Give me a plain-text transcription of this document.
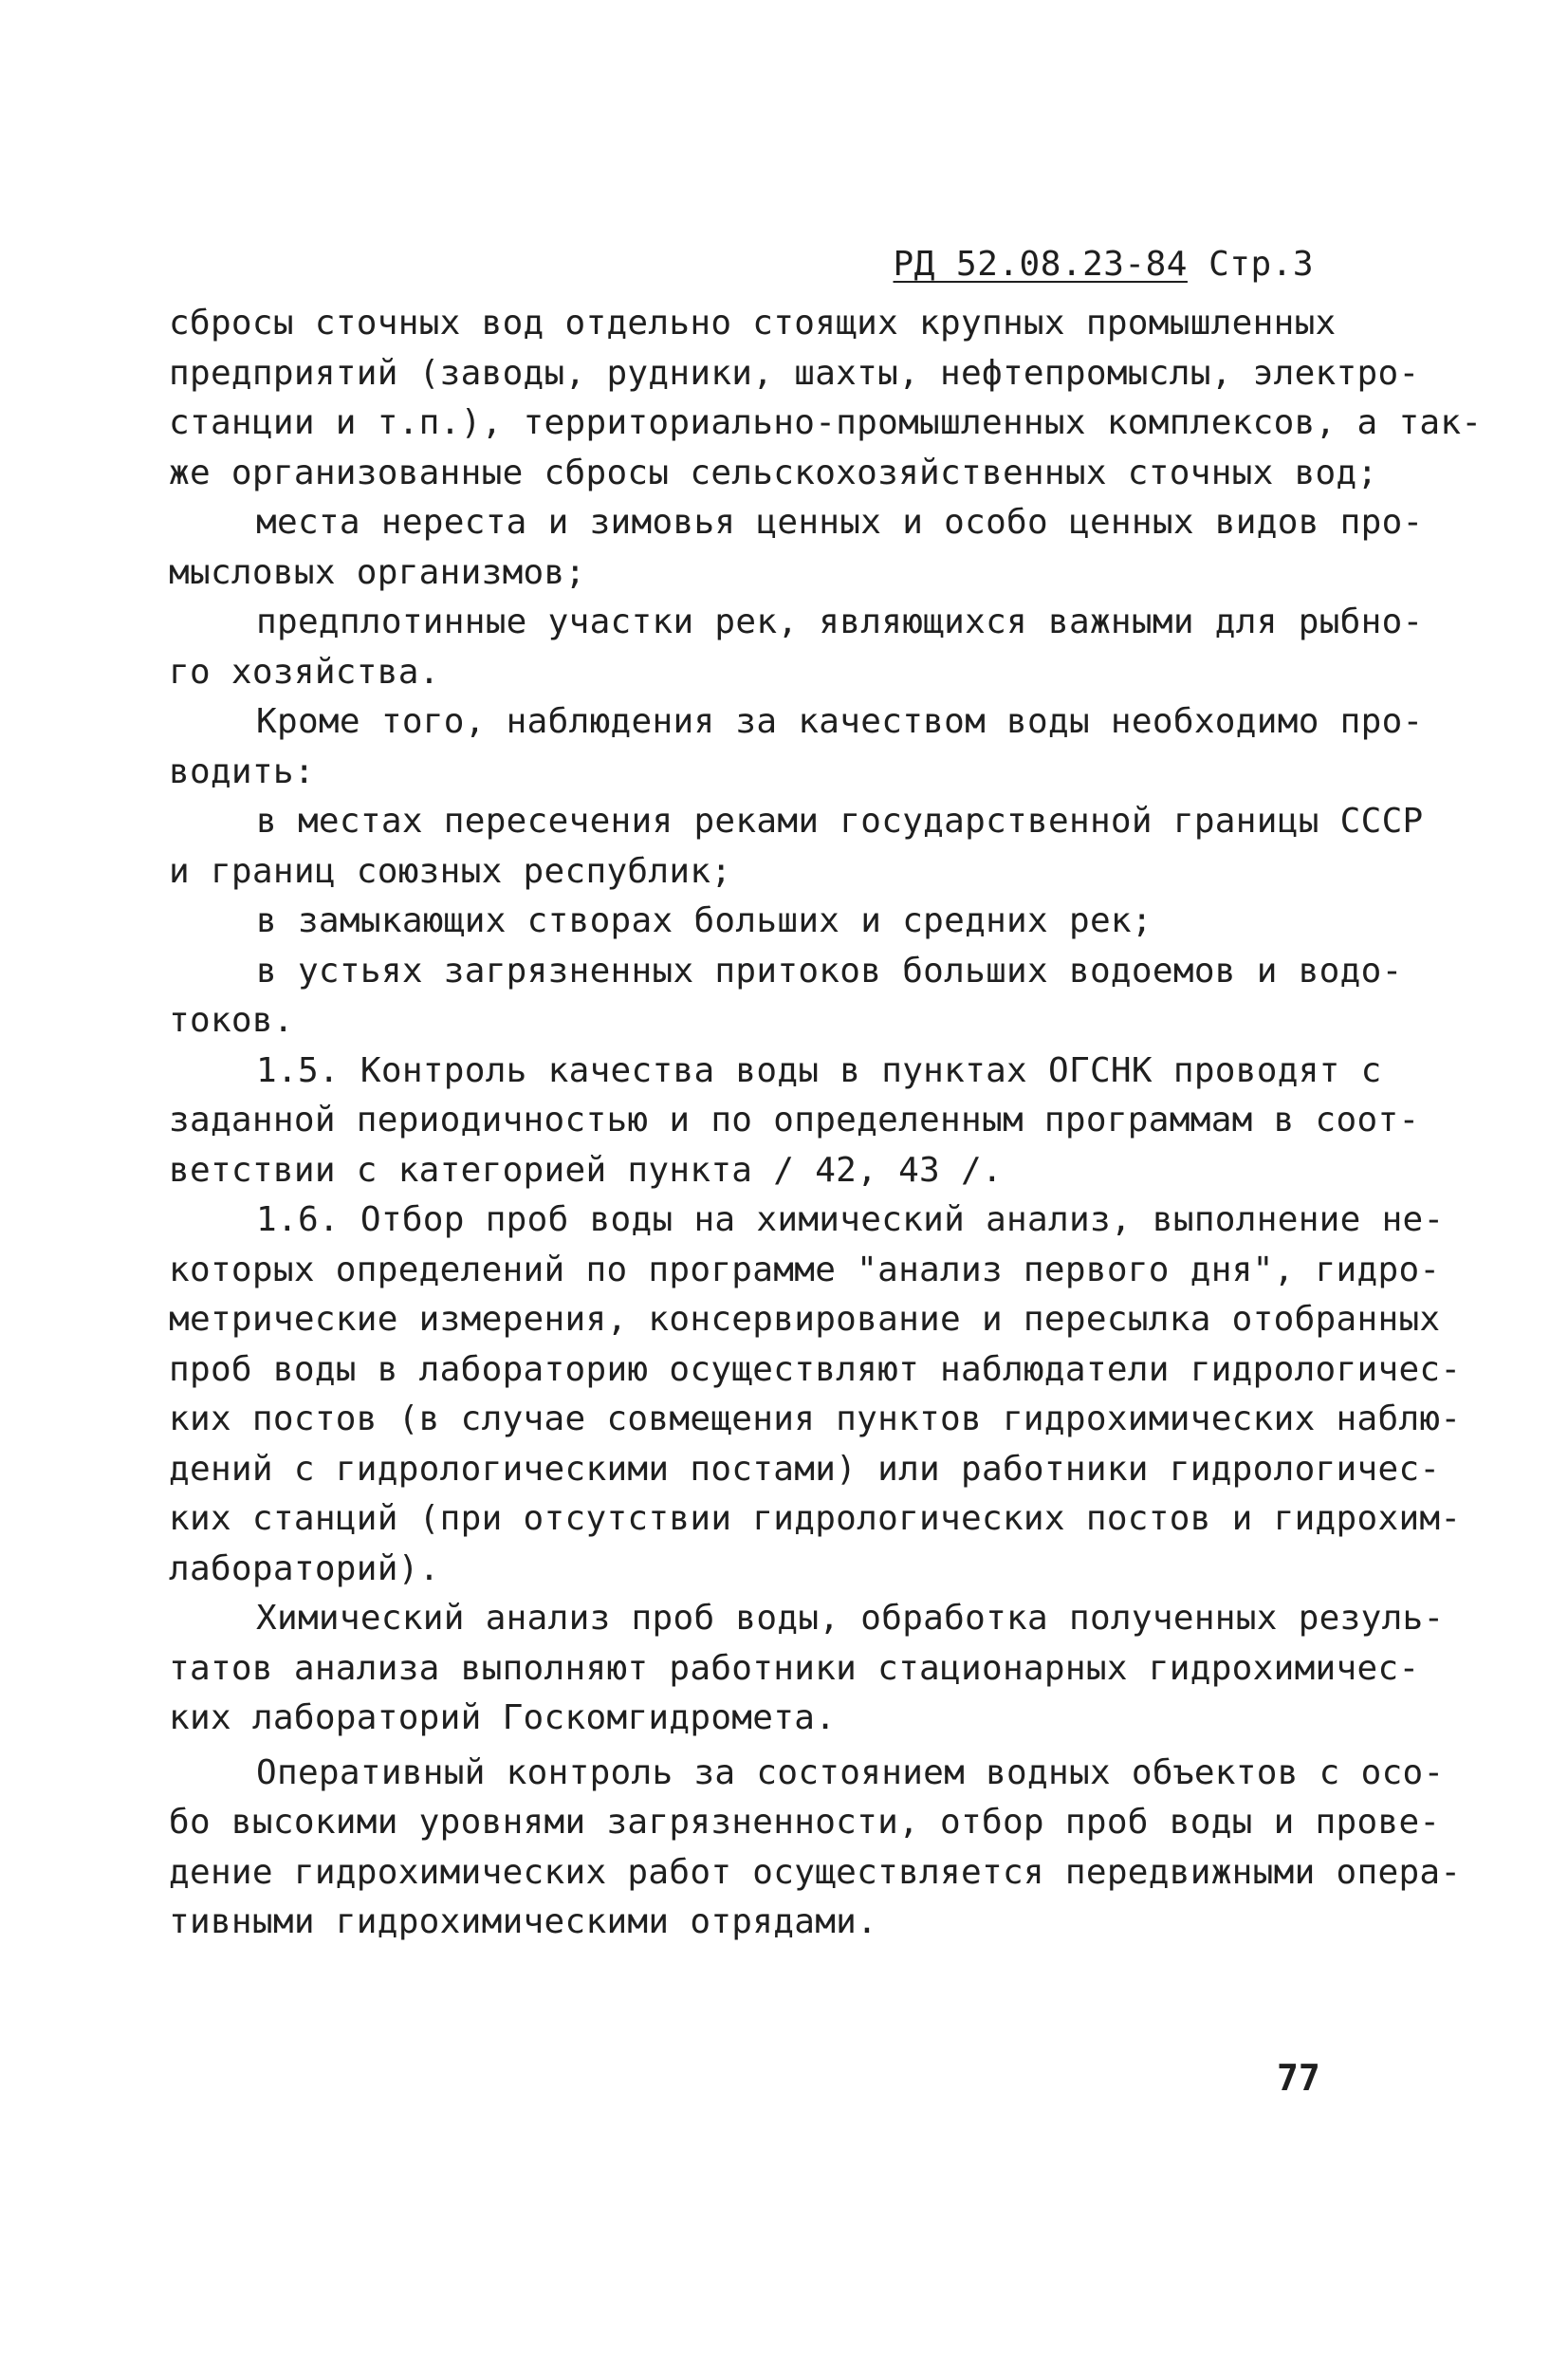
РД 52.08.23-84 Стр.3
сбросы сточных вод отдельно стоящих крупных промышленных
предприятий (заводы, рудники, шахты, нефтепромыслы, электро-
станции и т.п.), территориально-промышленных комплексов, а так-
же организованные сбросы сельскохозяйственных сточных вод;
места нереста и зимовья ценных и особо ценных видов про-
мысловых организмов;
предплотинные участки рек, являющихся важными для рыбно-
го хозяйства.
Кроме того, наблюдения за качеством воды необходимо про-
водить:
в местах пересечения реками государственной границы СССР
и границ союзных республик;
в замыкающих створах больших и средних рек;
в устьях загрязненных притоков больших водоемов и водо-
токов.
1.5. Контроль качества воды в пунктах ОГСНК проводят с
заданной периодичностью и по определенным программам в соот-
ветствии с категорией пункта / 42, 43 /.
1.6. Отбор проб воды на химический анализ, выполнение не-
которых определений по программе "анализ первого дня", гидро-
метрические измерения, консервирование и пересылка отобранных
проб воды в лабораторию осуществляют наблюдатели гидрологичес-
ких постов (в случае совмещения пунктов гидрохимических наблю-
дений с гидрологическими постами) или работники гидрологичес-
ких станций (при отсутствии гидрологических постов и гидрохим-
лабораторий).
Химический анализ проб воды, обработка полученных резуль-
татов анализа выполняют работники стационарных гидрохимичес-
ких лабораторий Госкомгидромета.
Оперативный контроль за состоянием водных объектов с осо-
бо высокими уровнями загрязненности, отбор проб воды и прове-
дение гидрохимических работ осуществляется передвижными опера-
тивными гидрохимическими отрядами.
77
